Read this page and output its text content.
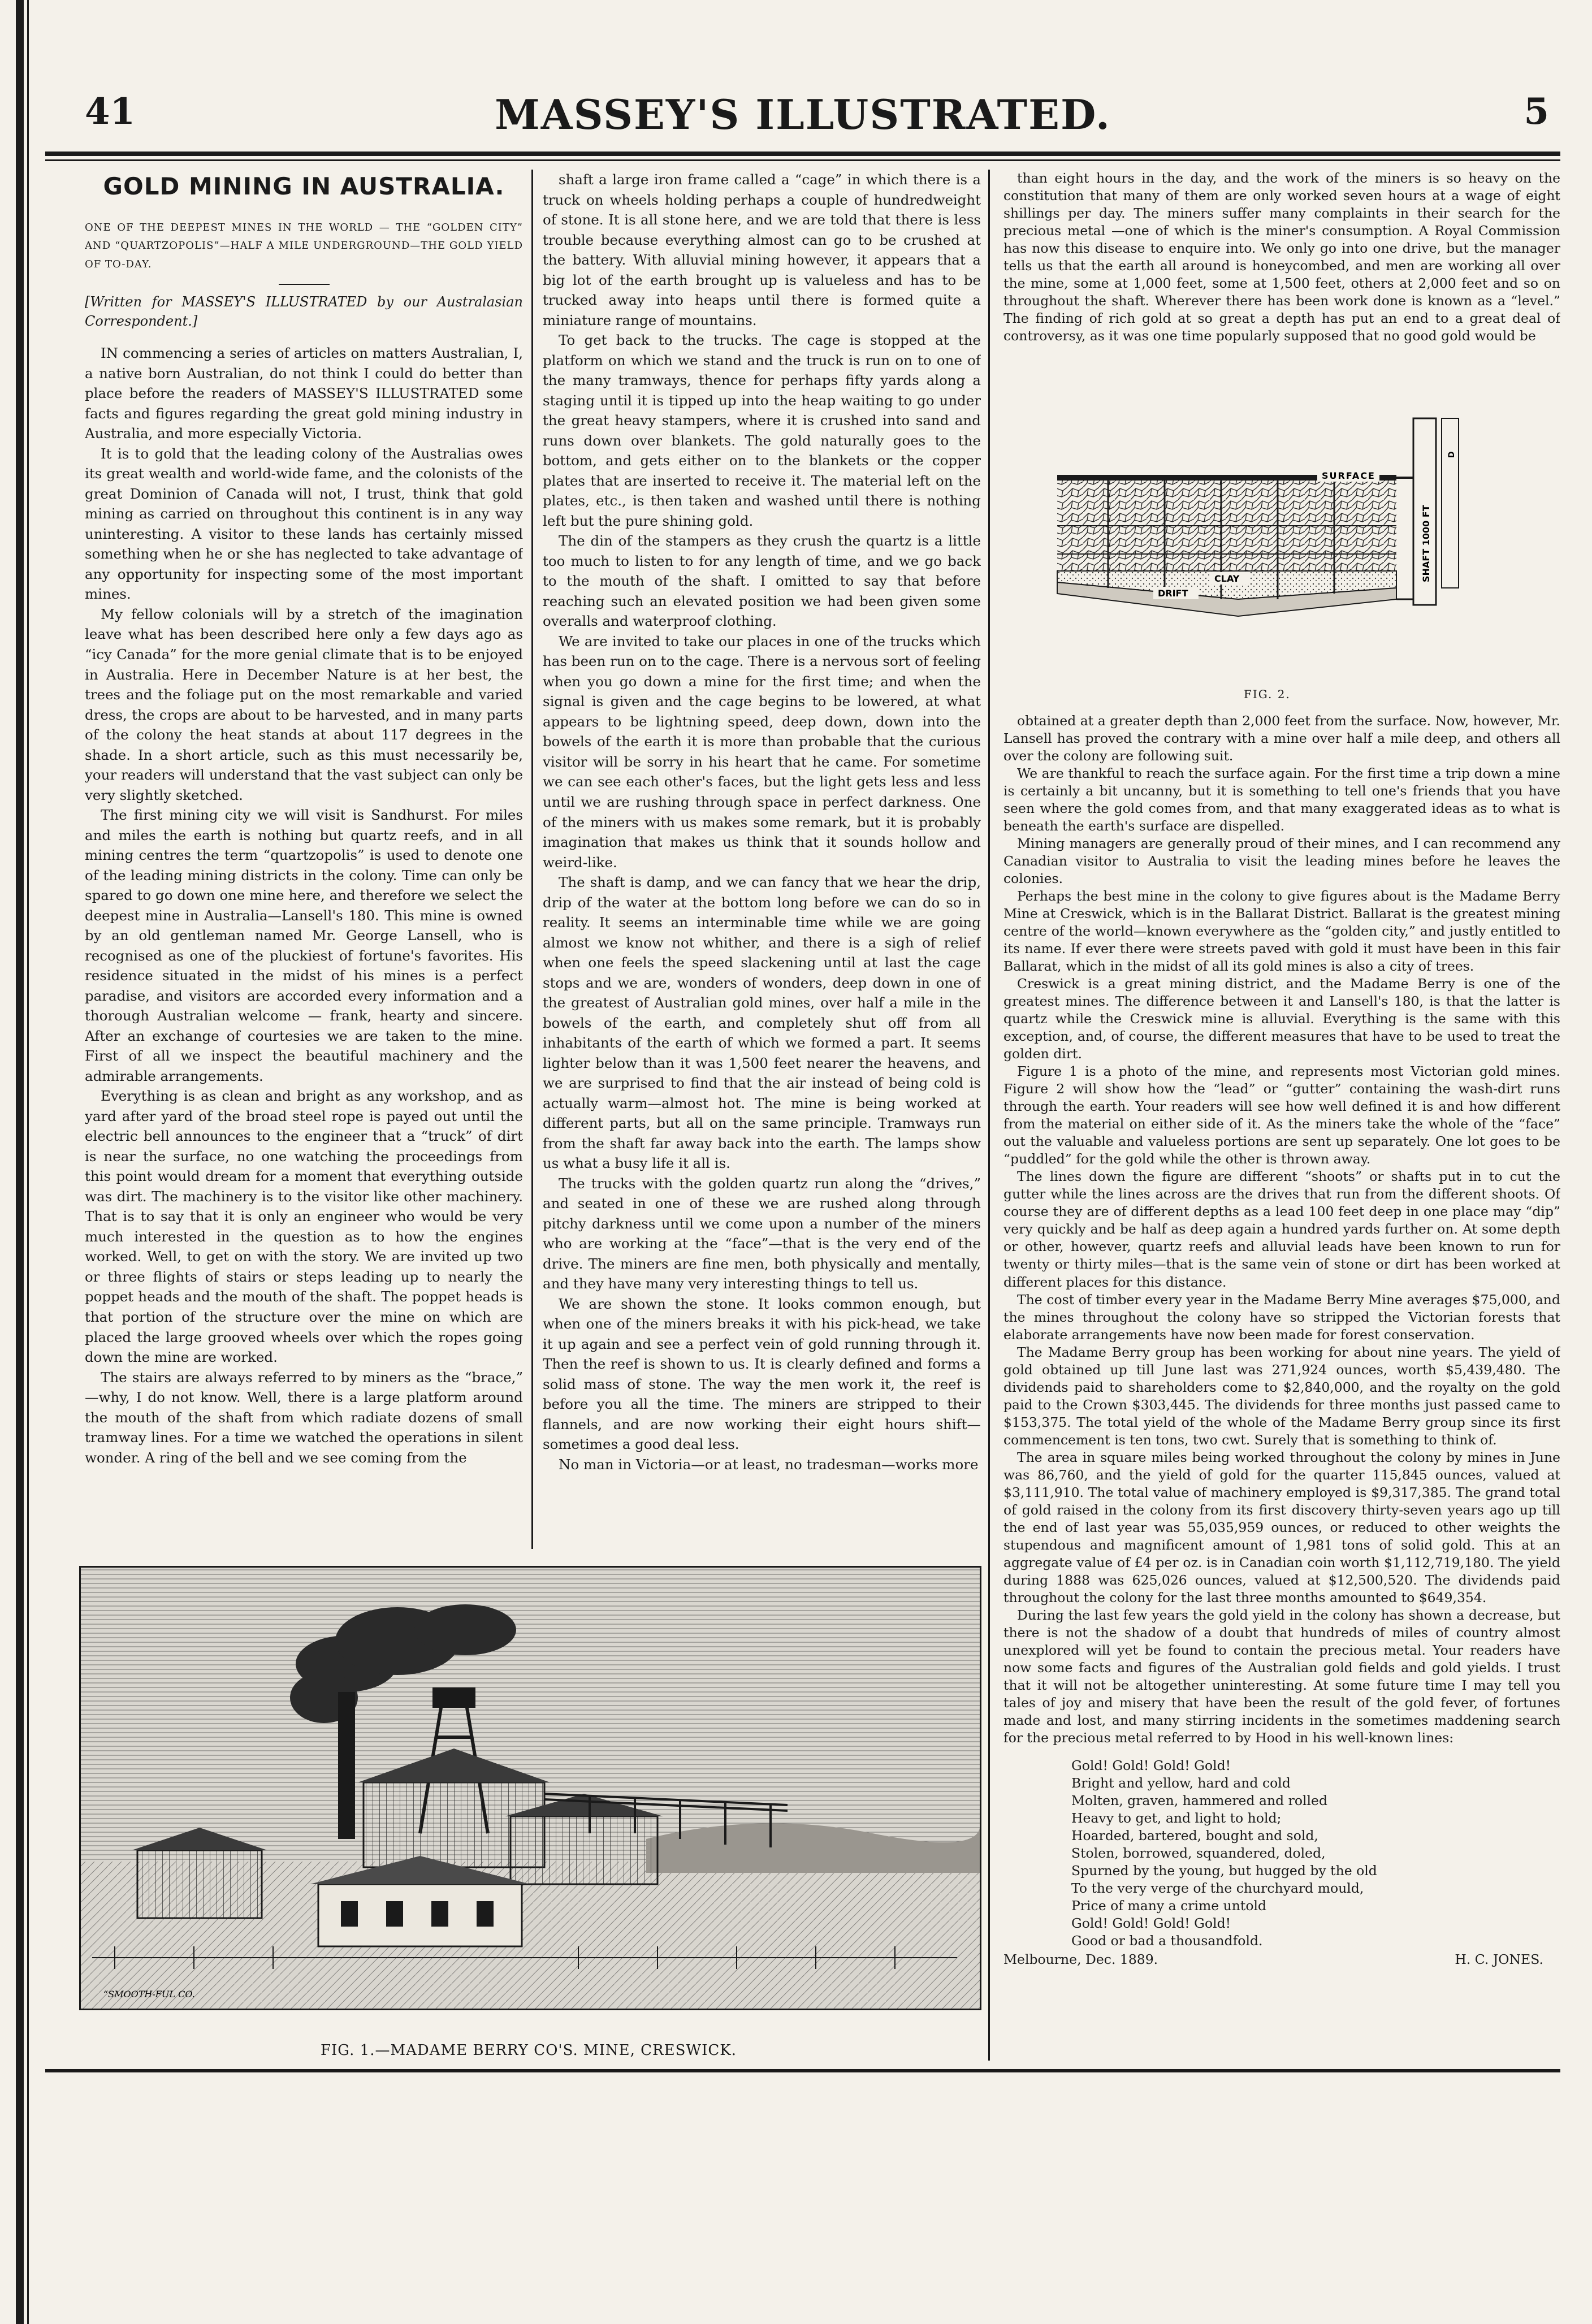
41	MASSEY'S ILLUSTRATED.	5
GOLD MINING IN AUSTRALIA.
ONE OF THE DEEPEST MINES IN THE WORLD — THE “GOLDEN CITY” AND “QUARTZOPOLIS”—HALF A MILE UNDERGROUND—THE GOLD YIELD OF TO-DAY.
[Written for MASSEY'S ILLUSTRATED by our Australasian Correspondent.]

IN commencing a series of articles on matters Australian, I, a native born Australian, do not think I could do better than place before the readers of MASSEY'S ILLUSTRATED some facts and figures regarding the great gold mining industry in Australia, and more especially Victoria.

It is to gold that the leading colony of the Australias owes its great wealth and world-wide fame, and the colonists of the great Dominion of Canada will not, I trust, think that gold mining as carried on throughout this continent is in any way uninteresting. A visitor to these lands has certainly missed something when he or she has neglected to take advantage of any opportunity for inspecting some of the most important mines.

My fellow colonials will by a stretch of the imagination leave what has been described here only a few days ago as “icy Canada” for the more genial climate that is to be enjoyed in Australia. Here in December Nature is at her best, the trees and the foliage put on the most remarkable and varied dress, the crops are about to be harvested, and in many parts of the colony the heat stands at about 117 degrees in the shade. In a short article, such as this must necessarily be, your readers will understand that the vast subject can only be very slightly sketched.

The first mining city we will visit is Sandhurst. For miles and miles the earth is nothing but quartz reefs, and in all mining centres the term “quartzopolis” is used to denote one of the leading mining districts in the colony. Time can only be spared to go down one mine here, and therefore we select the deepest mine in Australia—Lansell's 180. This mine is owned by an old gentleman named Mr. George Lansell, who is recognised as one of the pluckiest of fortune's favorites. His residence situated in the midst of his mines is a perfect paradise, and visitors are accorded every information and a thorough Australian welcome — frank, hearty and sincere. After an exchange of courtesies we are taken to the mine. First of all we inspect the beautiful machinery and the admirable arrangements.

Everything is as clean and bright as any workshop, and as yard after yard of the broad steel rope is payed out until the electric bell announces to the engineer that a “truck” of dirt is near the surface, no one watching the proceedings from this point would dream for a moment that everything outside was dirt. The machinery is to the visitor like other machinery. That is to say that it is only an engineer who would be very much interested in the question as to how the engines worked. Well, to get on with the story. We are invited up two or three flights of stairs or steps leading up to nearly the poppet heads and the mouth of the shaft. The poppet heads is that portion of the structure over the mine on which are placed the large grooved wheels over which the ropes going down the mine are worked.

The stairs are always referred to by miners as the “brace,” —why, I do not know. Well, there is a large platform around the mouth of the shaft from which radiate dozens of small tramway lines. For a time we watched the operations in silent wonder. A ring of the bell and we see coming from the

shaft a large iron frame called a “cage” in which there is a truck on wheels holding perhaps a couple of hundredweight of stone. It is all stone here, and we are told that there is less trouble because everything almost can go to be crushed at the battery. With alluvial mining however, it appears that a big lot of the earth brought up is valueless and has to be trucked away into heaps until there is formed quite a miniature range of mountains.

To get back to the trucks. The cage is stopped at the platform on which we stand and the truck is run on to one of the many tramways, thence for perhaps fifty yards along a staging until it is tipped up into the heap waiting to go under the great heavy stampers, where it is crushed into sand and runs down over blankets. The gold naturally goes to the bottom, and gets either on to the blankets or the copper plates that are inserted to receive it. The material left on the plates, etc., is then taken and washed until there is nothing left but the pure shining gold.

The din of the stampers as they crush the quartz is a little too much to listen to for any length of time, and we go back to the mouth of the shaft. I omitted to say that before reaching such an elevated position we had been given some overalls and waterproof clothing.

We are invited to take our places in one of the trucks which has been run on to the cage. There is a nervous sort of feeling when you go down a mine for the first time; and when the signal is given and the cage begins to be lowered, at what appears to be lightning speed, deep down, down into the bowels of the earth it is more than probable that the curious visitor will be sorry in his heart that he came. For sometime we can see each other's faces, but the light gets less and less until we are rushing through space in perfect darkness. One of the miners with us makes some remark, but it is probably imagination that makes us think that it sounds hollow and weird-like.

The shaft is damp, and we can fancy that we hear the drip, drip of the water at the bottom long before we can do so in reality. It seems an interminable time while we are going almost we know not whither, and there is a sigh of relief when one feels the speed slackening until at last the cage stops and we are, wonders of wonders, deep down in one of the greatest of Australian gold mines, over half a mile in the bowels of the earth, and completely shut off from all inhabitants of the earth of which we formed a part. It seems lighter below than it was 1,500 feet nearer the heavens, and we are surprised to find that the air instead of being cold is actually warm—almost hot. The mine is being worked at different parts, but all on the same principle. Tramways run from the shaft far away back into the earth. The lamps show us what a busy life it all is.

The trucks with the golden quartz run along the “drives,” and seated in one of these we are rushed along through pitchy darkness until we come upon a number of the miners who are working at the “face”—that is the very end of the drive. The miners are fine men, both physically and mentally, and they have many very interesting things to tell us.

We are shown the stone. It looks common enough, but when one of the miners breaks it with his pick-head, we take it up again and see a perfect vein of gold running through it. Then the reef is shown to us. It is clearly defined and forms a solid mass of stone. The way the men work it, the reef is before you all the time. The miners are stripped to their flannels, and are now working their eight hours shift—sometimes a good deal less.

No man in Victoria—or at least, no tradesman—works more

than eight hours in the day, and the work of the miners is so heavy on the constitution that many of them are only worked seven hours at a wage of eight shillings per day. The miners suffer many complaints in their search for the precious metal —one of which is the miner's consumption. A Royal Commission has now this disease to enquire into. We only go into one drive, but the manager tells us that the earth all around is honeycombed, and men are working all over the mine, some at 1,000 feet, some at 1,500 feet, others at 2,000 feet and so on throughout the shaft. Wherever there has been work done is known as a “level.” The finding of rich gold at so great a depth has put an end to a great deal of controversy, as it was one time popularly supposed that no good gold would be

SURFACE
CLAY
DRIFT
SHAFT 1000 FT
D
FIG. 2.

obtained at a greater depth than 2,000 feet from the surface. Now, however, Mr. Lansell has proved the contrary with a mine over half a mile deep, and others all over the colony are following suit.

We are thankful to reach the surface again. For the first time a trip down a mine is certainly a bit uncanny, but it is something to tell one's friends that you have seen where the gold comes from, and that many exaggerated ideas as to what is beneath the earth's surface are dispelled.

Mining managers are generally proud of their mines, and I can recommend any Canadian visitor to Australia to visit the leading mines before he leaves the colonies.

Perhaps the best mine in the colony to give figures about is the Madame Berry Mine at Creswick, which is in the Ballarat District. Ballarat is the greatest mining centre of the world—known everywhere as the “golden city,” and justly entitled to its name. If ever there were streets paved with gold it must have been in this fair Ballarat, which in the midst of all its gold mines is also a city of trees.

Creswick is a great mining district, and the Madame Berry is one of the greatest mines. The difference between it and Lansell's 180, is that the latter is quartz while the Creswick mine is alluvial. Everything is the same with this exception, and, of course, the different measures that have to be used to treat the golden dirt.

Figure 1 is a photo of the mine, and represents most Victorian gold mines. Figure 2 will show how the “lead” or “gutter” containing the wash-dirt runs through the earth. Your readers will see how well defined it is and how different from the material on either side of it. As the miners take the whole of the “face” out the valuable and valueless portions are sent up separately. One lot goes to be “puddled” for the gold while the other is thrown away.

The lines down the figure are different “shoots” or shafts put in to cut the gutter while the lines across are the drives that run from the different shoots. Of course they are of different depths as a lead 100 feet deep in one place may “dip” very quickly and be half as deep again a hundred yards further on. At some depth or other, however, quartz reefs and alluvial leads have been known to run for twenty or thirty miles—that is the same vein of stone or dirt has been worked at different places for this distance.

The cost of timber every year in the Madame Berry Mine averages $75,000, and the mines throughout the colony have so stripped the Victorian forests that elaborate arrangements have now been made for forest conservation.

The Madame Berry group has been working for about nine years. The yield of gold obtained up till June last was 271,924 ounces, worth $5,439,480. The dividends paid to shareholders come to $2,840,000, and the royalty on the gold paid to the Crown $303,445. The dividends for three months just passed came to $153,375. The total yield of the whole of the Madame Berry group since its first commencement is ten tons, two cwt. Surely that is something to think of.

The area in square miles being worked throughout the colony by mines in June was 86,760, and the yield of gold for the quarter 115,845 ounces, valued at $3,111,910. The total value of machinery employed is $9,317,385. The grand total of gold raised in the colony from its first discovery thirty-seven years ago up till the end of last year was 55,035,959 ounces, or reduced to other weights the stupendous and magnificent amount of 1,981 tons of solid gold. This at an aggregate value of £4 per oz. is in Canadian coin worth $1,112,719,180. The yield during 1888 was 625,026 ounces, valued at $12,500,520. The dividends paid throughout the colony for the last three months amounted to $649,354.

During the last few years the gold yield in the colony has shown a decrease, but there is not the shadow of a doubt that hundreds of miles of country almost unexplored will yet be found to contain the precious metal. Your readers have now some facts and figures of the Australian gold fields and gold yields. I trust that it will not be altogether uninteresting. At some future time I may tell you tales of joy and misery that have been the result of the gold fever, of fortunes made and lost, and many stirring incidents in the sometimes maddening search for the precious metal referred to by Hood in his well-known lines:

Gold! Gold! Gold! Gold!
Bright and yellow, hard and cold
Molten, graven, hammered and rolled
Heavy to get, and light to hold;
Hoarded, bartered, bought and sold,
Stolen, borrowed, squandered, doled,
Spurned by the young, but hugged by the old
To the very verge of the churchyard mould,
Price of many a crime untold
Gold! Gold! Gold! Gold!
Good or bad a thousandfold.
Melbourne, Dec. 1889.	H. C. JONES.
“SMOOTH-FUL CO.
FIG. 1.—MADAME BERRY CO'S. MINE, CRESWICK.
